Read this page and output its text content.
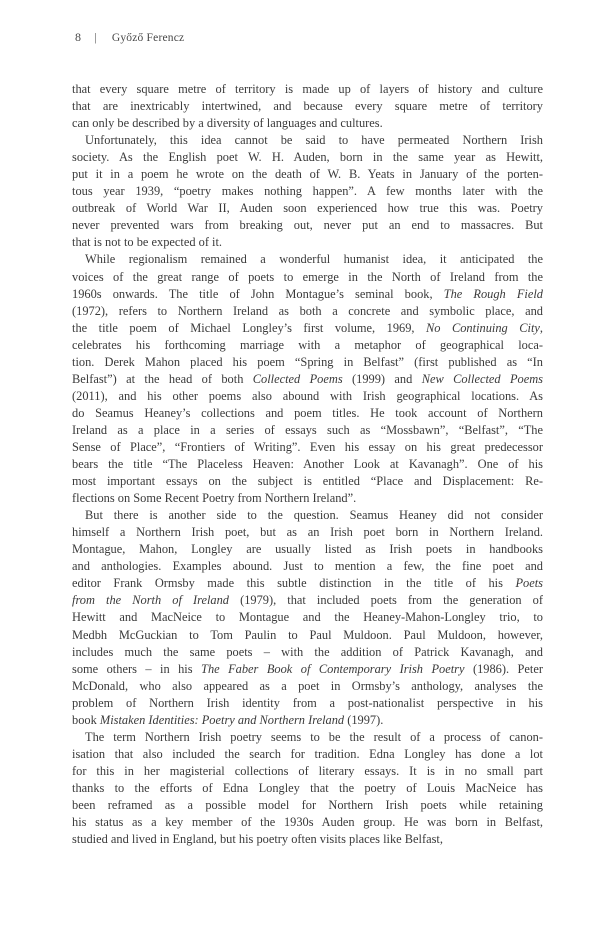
8 | Győző Ferencz
that every square metre of territory is made up of layers of history and culture
that are inextricably intertwined, and because every square metre of territory
can only be described by a diversity of languages and cultures.
Unfortunately, this idea cannot be said to have permeated Northern Irish
society. As the English poet W. H. Auden, born in the same year as Hewitt,
put it in a poem he wrote on the death of W. B. Yeats in January of the porten-
tous year 1939, “poetry makes nothing happen”. A few months later with the
outbreak of World War II, Auden soon experienced how true this was. Poetry
never prevented wars from breaking out, never put an end to massacres. But
that is not to be expected of it.
While regionalism remained a wonderful humanist idea, it anticipated the
voices of the great range of poets to emerge in the North of Ireland from the
1960s onwards. The title of John Montague’s seminal book, The Rough Field
(1972), refers to Northern Ireland as both a concrete and symbolic place, and
the title poem of Michael Longley’s first volume, 1969, No Continuing City,
celebrates his forthcoming marriage with a metaphor of geographical loca-
tion. Derek Mahon placed his poem “Spring in Belfast” (first published as “In
Belfast”) at the head of both Collected Poems (1999) and New Collected Poems
(2011), and his other poems also abound with Irish geographical locations. As
do Seamus Heaney’s collections and poem titles. He took account of Northern
Ireland as a place in a series of essays such as “Mossbawn”, “Belfast”, “The
Sense of Place”, “Frontiers of Writing”. Even his essay on his great predecessor
bears the title “The Placeless Heaven: Another Look at Kavanagh”. One of his
most important essays on the subject is entitled “Place and Displacement: Re-
flections on Some Recent Poetry from Northern Ireland”.
But there is another side to the question. Seamus Heaney did not consider
himself a Northern Irish poet, but as an Irish poet born in Northern Ireland.
Montague, Mahon, Longley are usually listed as Irish poets in handbooks
and anthologies. Examples abound. Just to mention a few, the fine poet and
editor Frank Ormsby made this subtle distinction in the title of his Poets
from the North of Ireland (1979), that included poets from the generation of
Hewitt and MacNeice to Montague and the Heaney-Mahon-Longley trio, to
Medbh McGuckian to Tom Paulin to Paul Muldoon. Paul Muldoon, however,
includes much the same poets – with the addition of Patrick Kavanagh, and
some others – in his The Faber Book of Contemporary Irish Poetry (1986). Peter
McDonald, who also appeared as a poet in Ormsby’s anthology, analyses the
problem of Northern Irish identity from a post-nationalist perspective in his
book Mistaken Identities: Poetry and Northern Ireland (1997).
The term Northern Irish poetry seems to be the result of a process of canon-
isation that also included the search for tradition. Edna Longley has done a lot
for this in her magisterial collections of literary essays. It is in no small part
thanks to the efforts of Edna Longley that the poetry of Louis MacNeice has
been reframed as a possible model for Northern Irish poets while retaining
his status as a key member of the 1930s Auden group. He was born in Belfast,
studied and lived in England, but his poetry often visits places like Belfast,
